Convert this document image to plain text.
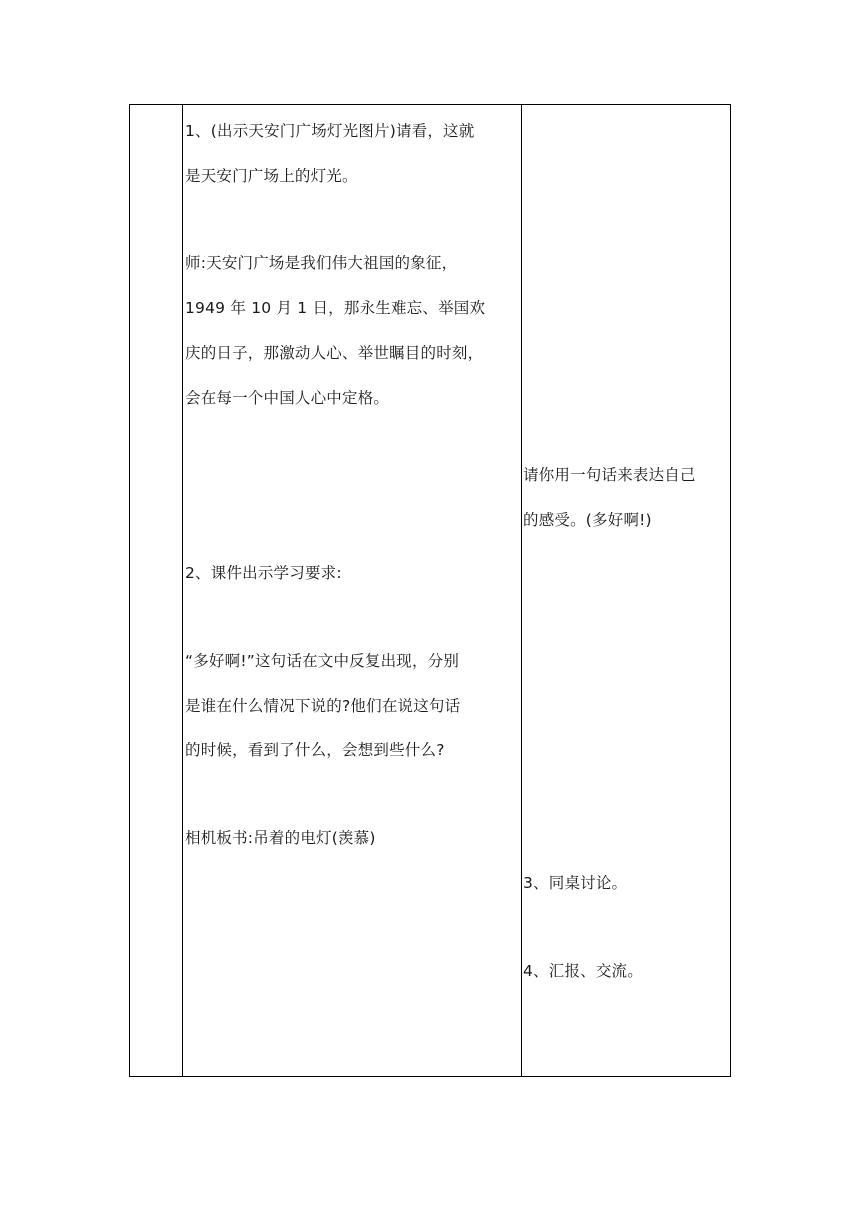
1、(出示天安门广场灯光图片)请看，这就
是天安门广场上的灯光。
师:天安门广场是我们伟大祖国的象征，
1949 年 10 月 1 日，那永生难忘、举国欢
庆的日子，那激动人心、举世瞩目的时刻，
会在每一个中国人心中定格。
2、课件出示学习要求:
“多好啊!”这句话在文中反复出现，分别
是谁在什么情况下说的?他们在说这句话
的时候，看到了什么，会想到些什么?
相机板书:吊着的电灯(羡慕)
请你用一句话来表达自己
的感受。(多好啊!)
3、同桌讨论。
4、汇报、交流。
